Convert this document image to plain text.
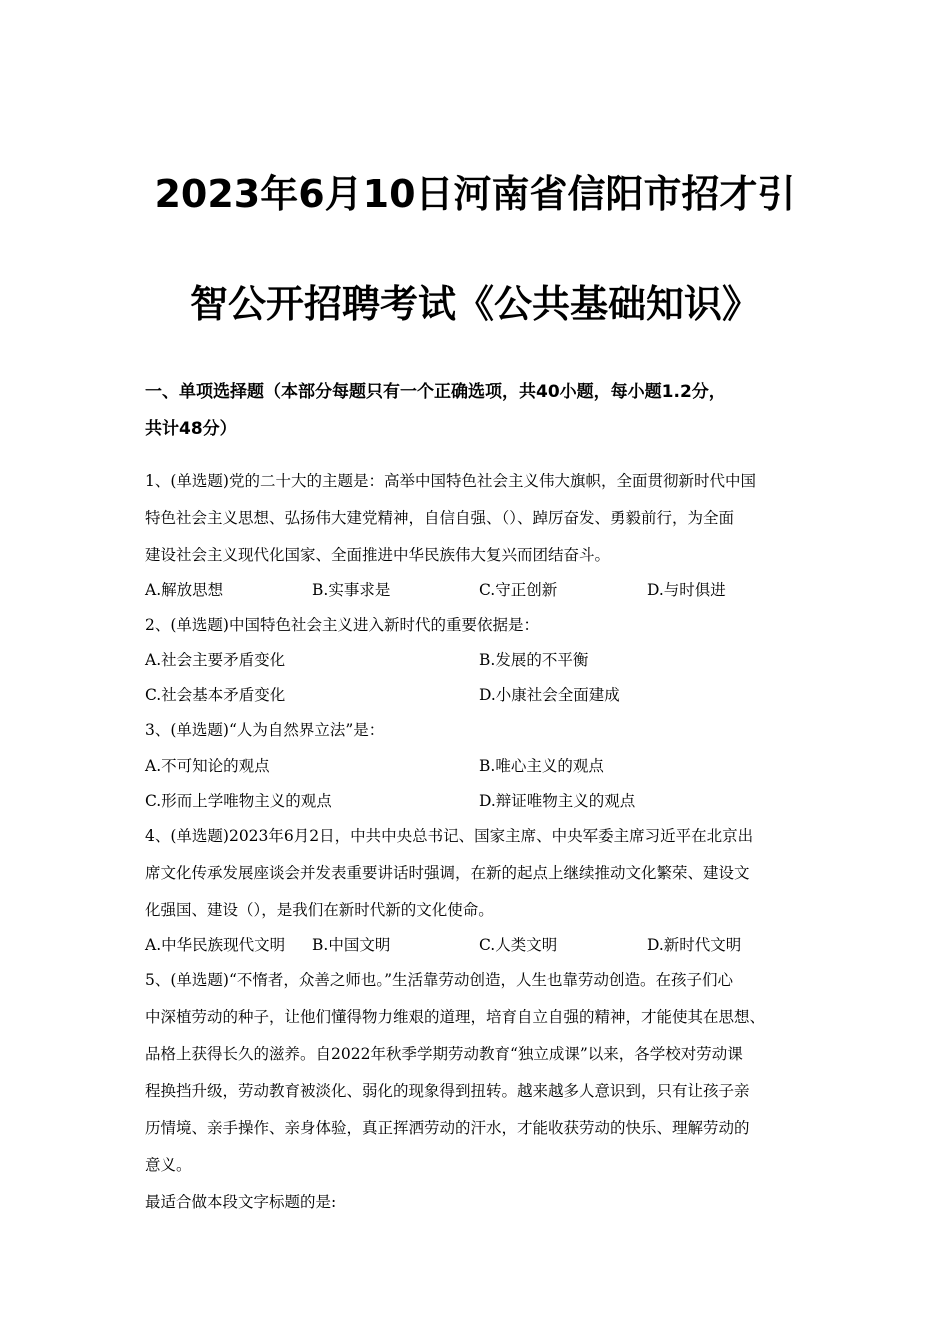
2023年6月10日河南省信阳市招才引
智公开招聘考试《公共基础知识》
一、单项选择题（本部分每题只有一个正确选项，共40小题，每小题1.2分，
共计48分）
1、(单选题)党的二十大的主题是：高举中国特色社会主义伟大旗帜，全面贯彻新时代中国
特色社会主义思想、弘扬伟大建党精神，自信自强、（）、踔厉奋发、勇毅前行，为全面
建设社会主义现代化国家、全面推进中华民族伟大复兴而团结奋斗。
A.解放思想	B.实事求是	C.守正创新	D.与时俱进
2、(单选题)中国特色社会主义进入新时代的重要依据是：
A.社会主要矛盾变化	B.发展的不平衡
C.社会基本矛盾变化	D.小康社会全面建成
3、(单选题)“人为自然界立法”是：
A.不可知论的观点	B.唯心主义的观点
C.形而上学唯物主义的观点	D.辩证唯物主义的观点
4、(单选题)2023年6月2日，中共中央总书记、国家主席、中央军委主席习近平在北京出
席文化传承发展座谈会并发表重要讲话时强调，在新的起点上继续推动文化繁荣、建设文
化强国、建设（），是我们在新时代新的文化使命。
A.中华民族现代文明 B.中国文明	C.人类文明	D.新时代文明
5、(单选题)“不惰者，众善之师也。”生活靠劳动创造，人生也靠劳动创造。在孩子们心
中深植劳动的种子，让他们懂得物力维艰的道理，培育自立自强的精神，才能使其在思想、
品格上获得长久的滋养。自2022年秋季学期劳动教育“独立成课”以来，各学校对劳动课
程换挡升级，劳动教育被淡化、弱化的现象得到扭转。越来越多人意识到，只有让孩子亲
历情境、亲手操作、亲身体验，真正挥洒劳动的汗水，才能收获劳动的快乐、理解劳动的
意义。
最适合做本段文字标题的是:
